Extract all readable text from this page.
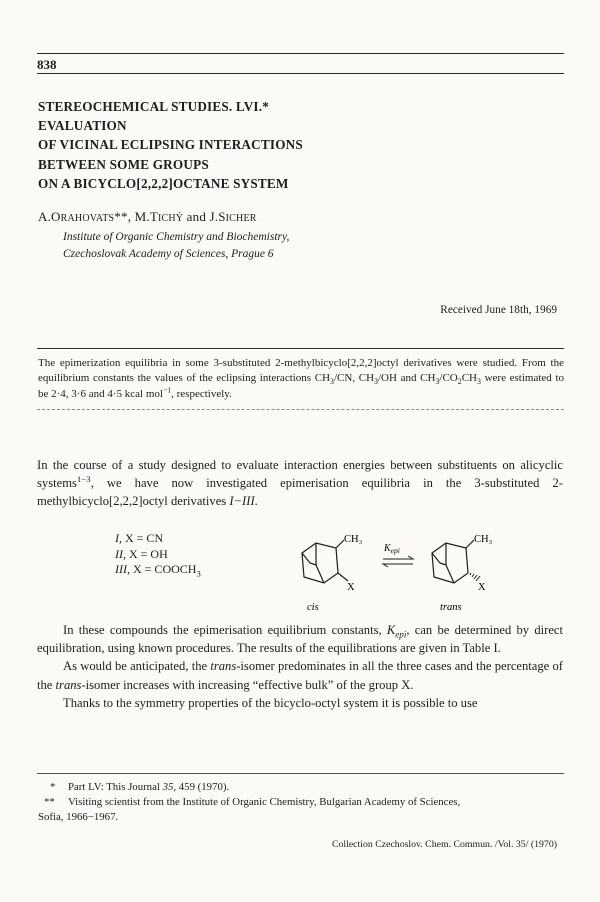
838
STEREOCHEMICAL STUDIES. LVI.*
EVALUATION
OF VICINAL ECLIPSING INTERACTIONS
BETWEEN SOME GROUPS
ON A BICYCLO[2,2,2]OCTANE SYSTEM
A.ORAHOVATS**, M.TICHÝ and J.SICHER
Institute of Organic Chemistry and Biochemistry,
Czechoslovak Academy of Sciences, Prague 6
Received June 18th, 1969
The epimerization equilibria in some 3-substituted 2-methylbicyclo[2,2,2]octyl derivatives were studied. From the equilibrium constants the values of the eclipsing interactions $CH_3/CN$, $CH_3/OH$ and $CH_3/CO_2CH_3$ were estimated to be 2·4, 3·6 and 4·5 kcal mol$^{-1}$, respectively.
In the course of a study designed to evaluate interaction energies between substituents on alicyclic systems$^{1-3}$, we have now investigated epimerisation equilibria in the 3-substituted 2-methylbicyclo[2,2,2]octyl derivatives I−III.
I, X = CN
II, X = OH
III, $X = COOCH_3$
CH₃
X
cis
$K_{epi}$
CH₃
X
trans

In these compounds the epimerisation equilibrium constants, $K_{epi}$, can be determined by direct equilibration, using known procedures. The results of the equilibrations are given in Table I.

As would be anticipated, the trans-isomer predominates in all the three cases and the percentage of the trans-isomer increases with increasing “effective bulk” of the group X.

Thanks to the symmetry properties of the bicyclo-octyl system it is possible to use

*	Part LV: This Journal 35, 459 (1970).
**	Visiting scientist from the Institute of Organic Chemistry, Bulgarian Academy of Sciences,
Sofia, 1966−1967.
Collection Czechoslov. Chem. Commun. /Vol. 35/ (1970)
